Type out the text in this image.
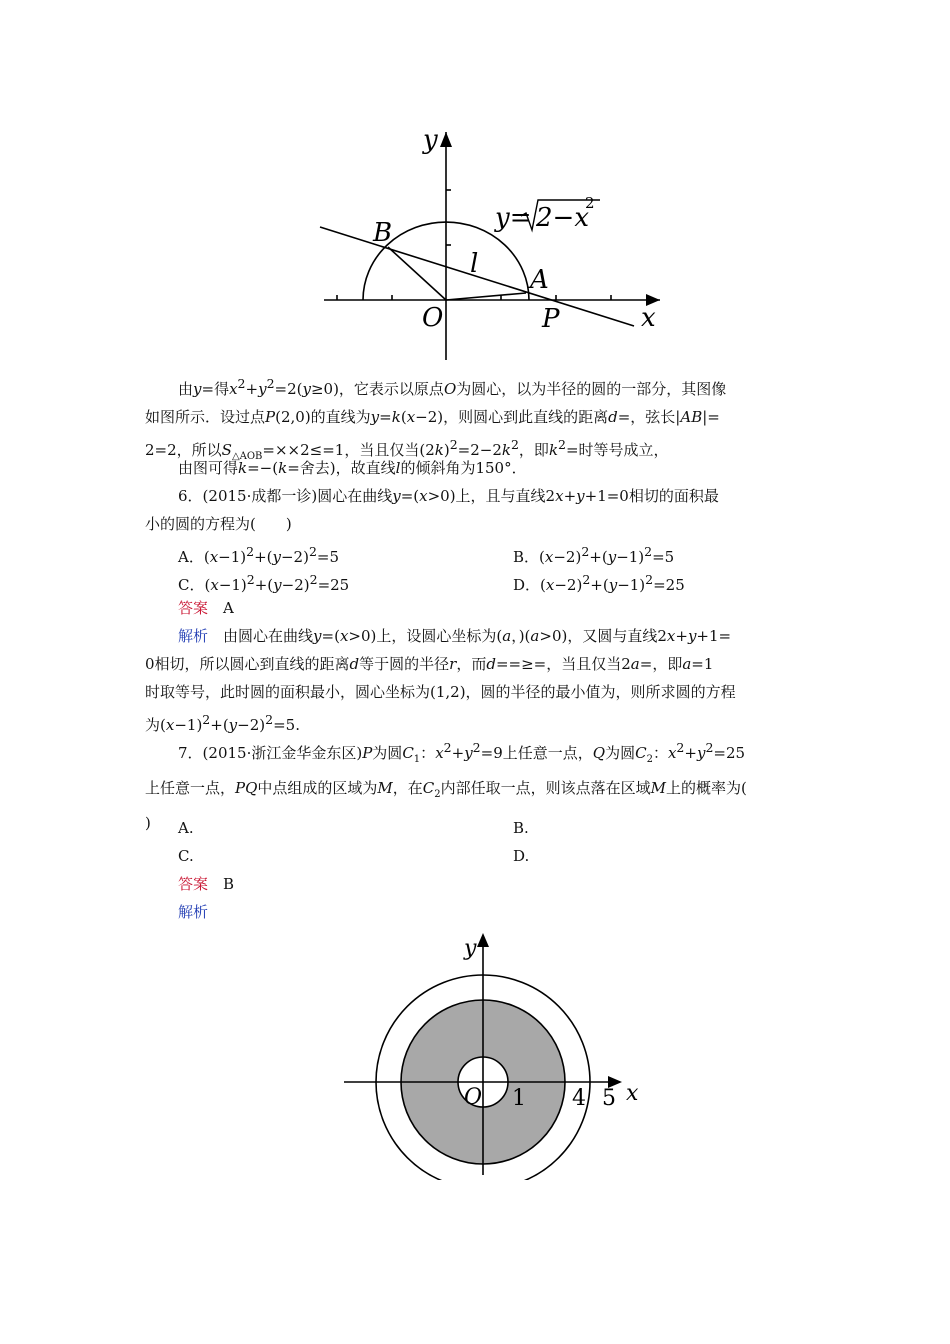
y
x
O	P
A
B
l
y= 2−x
2
由y=得$x^2+y^2=2(y\ge 0)$，它表示以原点O为圆心，以为半径的圆的一部分，其图像
如图所示．设过点P(2,0)的直线为y=k(x−2)，则圆心到此直线的距离d=，弦长|AB|=
2=2，所以$S_{\triangle AOB}=\times\times 2\le=1$，当且仅当$(2k)^2=2-2k^2$，即$k^2=$时等号成立，
由图可得k=−(k=舍去)，故直线l的倾斜角为150°．
6．(2015·成都一诊)圆心在曲线y=(x>0)上，且与直线2x+y+1=0相切的面积最
小的圆的方程为(　　)
A．$(x-1)^2+(y-2)^2=5$	B．$(x-2)^2+(y-1)^2=5$
C．$(x-1)^2+(y-2)^2=25$	D．$(x-2)^2+(y-1)^2=25$
答案　 A
解析　 由圆心在曲线y=(x>0)上，设圆心坐标为(a，)(a>0)，又圆与直线2x+y+1=
0相切，所以圆心到直线的距离d等于圆的半径r，而d==≥=，当且仅当2a=，即a=1
时取等号，此时圆的面积最小，圆心坐标为(1,2)，圆的半径的最小值为，则所求圆的方程
为$(x-1)^2+(y-2)^2=5$.
7．(2015·浙江金华金东区)P为圆$C_1$：$x^2+y^2=9$上任意一点，Q为圆$C_2$：$x^2+y^2=25$
上任意一点，PQ中点组成的区域为M，在$C_2$内部任取一点，则该点落在区域M上的概率为(
)	A.	B.
C.	D.
答案　 B
解析
y
x
O 1 4 5
